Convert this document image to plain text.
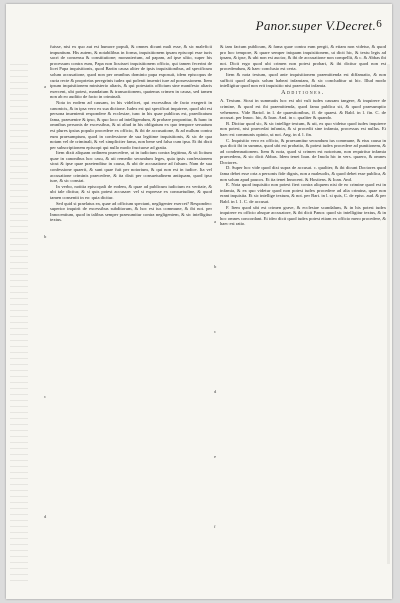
Panor.super V.Decret. 6
a
b
c
d

fuisse, nisi ex quo aut est humore populi, & omnes dicunt mali esse, & sic maleficii impunitum. His autem, & notabilibus in forma, inquisitionem ipsam episcopi esse iuris sacri de consensu & constitutione; monasterium, ad papam, ad ipse ultio, super his processum contra eum, Papa non licuisset inquisitionem officio, qui tamen fecerint de licet Papa inquisitionis, quod Bartin causa aliter de ipsis inquisitionibus, ad specificum solum accusatione, quod non per omnibus dominio papa exposuit, idem episcopus de curia recte & proprietas peregrinis iudex qui polenti inueniri iure ad possessionem. Item ipsum inquisitionem ministerio altaris, & qui potestatis officium sine manifesto altaris exercent, ubi potest, mandatum & transactionem, quatenus crimen in causa, sed tamen non ab eo auditio de facto in criminali.

Nota in eodem ad causam, in his videlicet, qui excessibus de facto exegerit in canonicis, & in ipsa vero ex sua dictione. Iudex est qui specificat inquirere, quod ubi est persona inuenienti respondere & ecclesiae, tunc in his quae publicus est, praedicatum fama, praeuenire & ipso, & quo loco ad intelligendum, & probare proponitur, & hanc in omnibus personis de excessibus, & ut aliud in his obligatum ex quo tempore seruatum est plures ipsius populo procedere ex officio, & ibi de accusatione, & ad nullum contra eum praesumptum, quod in confessione de sua legitime inquisitionis, & sic de qua notam vel de criminali, & vel simpliciter fama, non bene sed falsa cum ipsa. Et ibi dixit per subscriptionem episcopi qui nullo modo fructuose ad gratia.

Item dixit aliquam ordinem praecedere, ut in iudicium contra legitima, & sit licitum quae in canonibus hoc casu, & uti remedio secundum leges, quia ipsis confessionem sicut & ipse quae praetenditur in causa, & ubi de accusatione ad falsum. Nam de sua confessione quaerit, & sunt quae fuit per notorium, & qui non est in iudice. Ita vel accusatione criminis praecedere, & ita dixit per consuetudinem antiquam, quod ipso iure, & sic constat.

In verbo, notitia episcopali de eodem, & quae ad publicum iudicium ex veritate, & ubi tale dicitur, & si quis potest accusare: vel si expresse ex consuetudine, & quod tamen consentit in eo: quia dicitur.

Sed quid si praelatus ea, quae ad officium spectant, negligenter exercet? Respondeo: superior inquirit de excessibus subditorum, & hoc est ius commune, & ibi not. per Innocentium, quod in talibus semper praesumitur contra negligentem, & sic intelligitur textus.	a
b
c
d
e
f

& iam factum publicum, & fama quae contra eum pergit, & etiam non videtur, & quod pro hoc tempore, & quare semper iniquam inquisitionem, ut dicit hic, & textu legis ad ipsam, & ipse, & ubi non est auctor, & ibi de accusatione non compellit, & c. & Abbas ibi not. Dicit ergo quod ubi crimen non potest probari, & ibi dicitur quod non est procedendum, & haec conclusio est certa.

Item & nota textum, quod ante inquisitionem praemittenda est diffamatio, & non sufficit quod aliquis solum habeat infamiam, & sic concluditur ut hic. Illud modo intelligitur quod non erit inquisitio nisi praecedat infamia.

Additiones.

A. Textum. Sicut in summatis hoc est ubi vult iudex causam tangere, & inquirere de crimine, & quod est ibi praemittenda, quod fama publica sit, & quod praesumptio vehemens. Vide Bartol. in l. de quaestionibus, ff. de quaest. & Bald. in l. fin. C. de accusat. per Innoc. hic, & Ioan. And. in c. qualiter & quando.

B. Dicitur quod sic, & sic intellige textum, & uti, ex quo videtur quod iudex inquirere non potest, nisi praecedat infamia, & si procedit sine infamia, processus est nullus. Et haec est communis opinio, ut not. Ang. in d. l. fin.

C. Inquisitio vero ex officio, & praesumitur secundum ius commune, & eius causa in qua dicit ibi in summa, quod ubi est probatio, & potest iudex procedere ad punitionem, & ad condemnationem. Item & nota, quod si crimen est notorium, non requiritur infamia praecedens, & sic dicit Abbas. Idem tenet Ioan. de Imola hic in vers. quaero, & omnes Doctores.

D. Super hoc vide quod dixi supra de accusat. c. qualiter, & ibi dicunt Doctores quod fama debet esse orta a personis fide dignis, non a maleuolis, & quod debet esse publica, & non solum apud paucos. Et ita tenet Innocent. & Hostiens. & Ioan. And.

E. Nota quod inquisitio non potest fieri contra aliquem nisi de eo crimine quod est in infamia, & ex quo videtur quod non potest iudex procedere ad alia crimina, quae non erant inquisita. Et sic intellige textum, & not. per Bart. in l. si quis, C. de episc. aud. & per Bald. in l. 1. C. de accusat.

F. Item quod ubi est crimen grave, & ecclesiae scandalum, & in his potest iudex inquirere ex officio absque accusatore, & ibi dicit Panor. quod sic intelligitur textus, & in hoc omnes concordant. Et ideo dicit quod iudex potest etiam ex officio mero procedere, & haec est ratio.
